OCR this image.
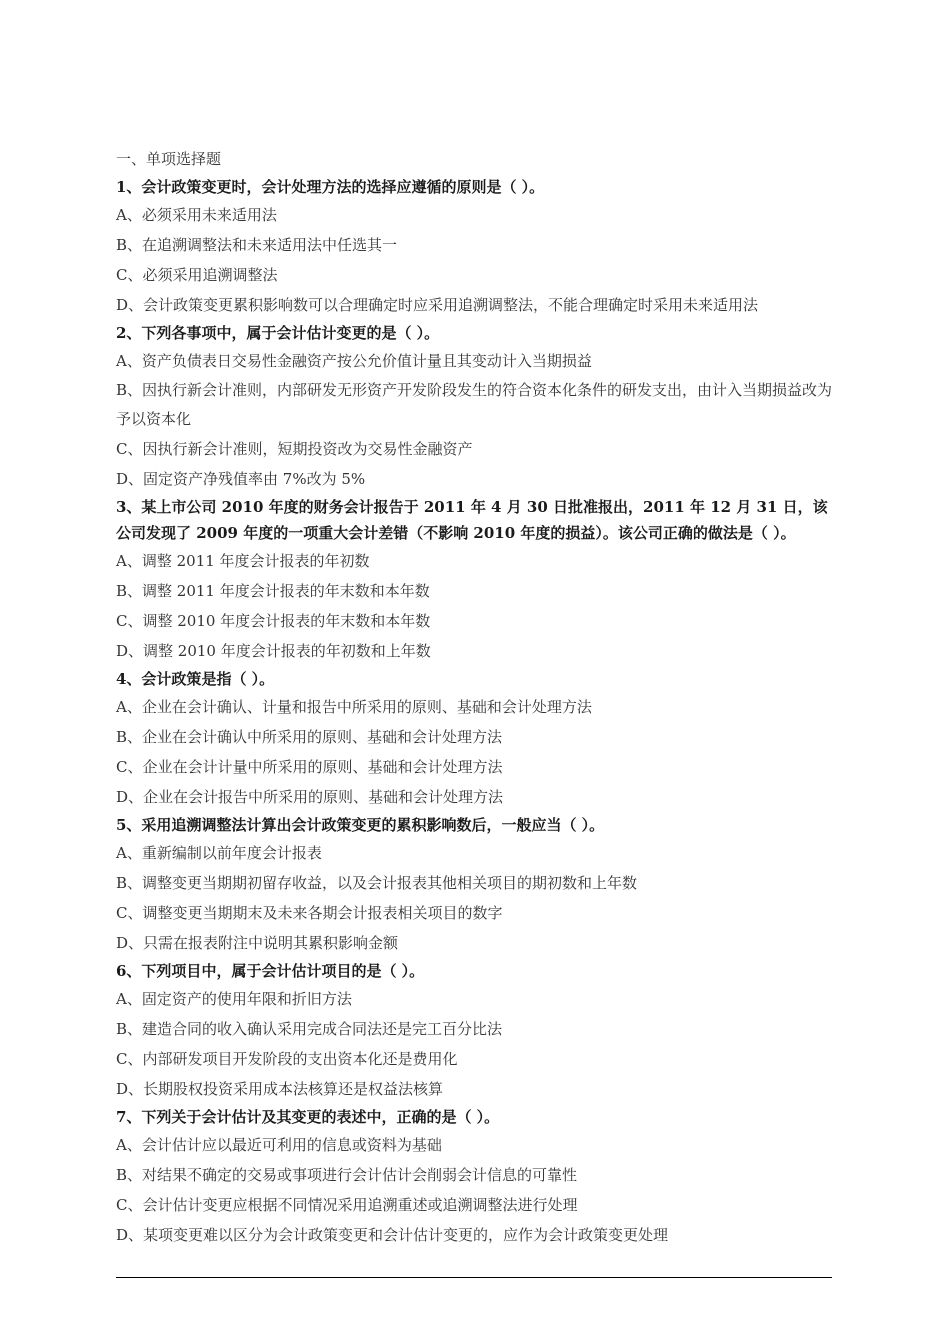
一、单项选择题
1、会计政策变更时，会计处理方法的选择应遵循的原则是（ ）。
A、必须采用未来适用法
B、在追溯调整法和未来适用法中任选其一
C、必须采用追溯调整法
D、会计政策变更累积影响数可以合理确定时应采用追溯调整法，不能合理确定时采用未来适用法
2、下列各事项中，属于会计估计变更的是（ ）。
A、资产负债表日交易性金融资产按公允价值计量且其变动计入当期损益
B、因执行新会计准则，内部研发无形资产开发阶段发生的符合资本化条件的研发支出，由计入当期损益改为予以资本化
C、因执行新会计准则，短期投资改为交易性金融资产
D、固定资产净残值率由 7%改为 5%
3、某上市公司 2010 年度的财务会计报告于 2011 年 4 月 30 日批准报出，2011 年 12 月 31 日，该公司发现了 2009 年度的一项重大会计差错（不影响 2010 年度的损益）。该公司正确的做法是（ ）。
A、调整 2011 年度会计报表的年初数
B、调整 2011 年度会计报表的年末数和本年数
C、调整 2010 年度会计报表的年末数和本年数
D、调整 2010 年度会计报表的年初数和上年数
4、会计政策是指（ ）。
A、企业在会计确认、计量和报告中所采用的原则、基础和会计处理方法
B、企业在会计确认中所采用的原则、基础和会计处理方法
C、企业在会计计量中所采用的原则、基础和会计处理方法
D、企业在会计报告中所采用的原则、基础和会计处理方法
5、采用追溯调整法计算出会计政策变更的累积影响数后，一般应当（ ）。
A、重新编制以前年度会计报表
B、调整变更当期期初留存收益，以及会计报表其他相关项目的期初数和上年数
C、调整变更当期期末及未来各期会计报表相关项目的数字
D、只需在报表附注中说明其累积影响金额
6、下列项目中，属于会计估计项目的是（ ）。
A、固定资产的使用年限和折旧方法
B、建造合同的收入确认采用完成合同法还是完工百分比法
C、内部研发项目开发阶段的支出资本化还是费用化
D、长期股权投资采用成本法核算还是权益法核算
7、下列关于会计估计及其变更的表述中，正确的是（ ）。
A、会计估计应以最近可利用的信息或资料为基础
B、对结果不确定的交易或事项进行会计估计会削弱会计信息的可靠性
C、会计估计变更应根据不同情况采用追溯重述或追溯调整法进行处理
D、某项变更难以区分为会计政策变更和会计估计变更的，应作为会计政策变更处理
